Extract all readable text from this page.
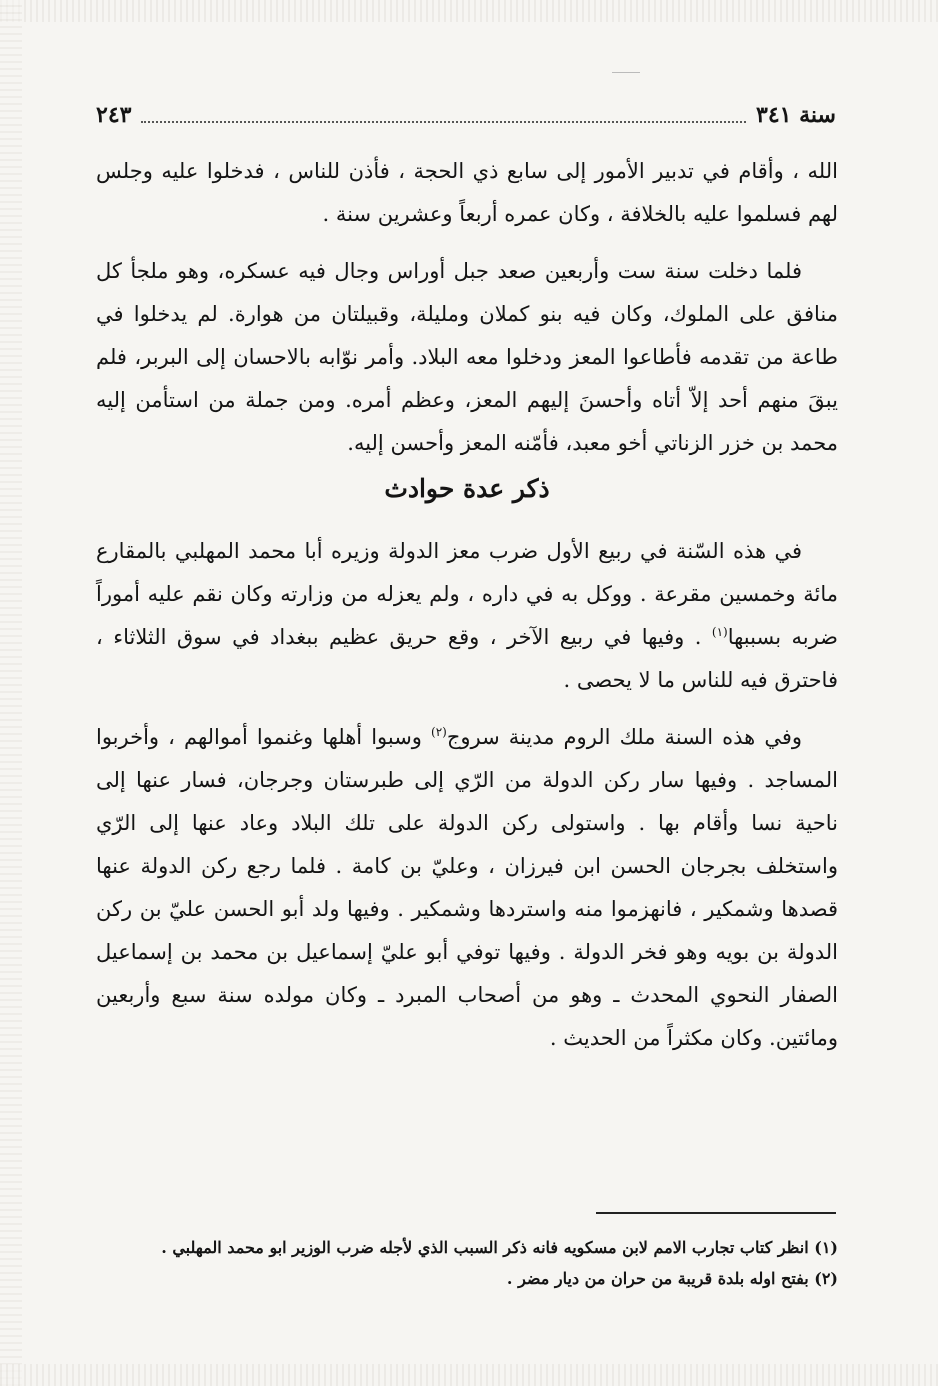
سنة ٣٤١
٢٤٣

الله ، وأقام في تدبير الأمور إلى سابع ذي الحجة ، فأذن للناس ، فدخلوا عليه وجلس لهم فسلموا عليه بالخلافة ، وكان عمره أربعاً وعشرين سنة .

فلما دخلت سنة ست وأربعين صعد جبل أوراس وجال فيه عسكره، وهو ملجأ كل منافق على الملوك، وكان فيه بنو كملان ومليلة، وقبيلتان من هوارة. لم يدخلوا في طاعة من تقدمه فأطاعوا المعز ودخلوا معه البلاد. وأمر نوّابه بالاحسان إلى البربر، فلم يبقَ منهم أحد إلاّ أتاه وأحسنَ إليهم المعز، وعظم أمره. ومن جملة من استأمن إليه محمد بن خزر الزناتي أخو معبد، فأمّنه المعز وأحسن إليه.

ذكر عدة حوادث

في هذه السّنة في ربيع الأول ضرب معز الدولة وزيره أبا محمد المهلبي بالمقارع مائة وخمسين مقرعة . ووكل به في داره ، ولم يعزله من وزارته وكان نقم عليه أموراً ضربه بسببها$^{(١)}$ . وفيها في ربيع الآخر ، وقع حريق عظيم ببغداد في سوق الثلاثاء ، فاحترق فيه للناس ما لا يحصى .

وفي هذه السنة ملك الروم مدينة سروج$^{(٢)}$ وسبوا أهلها وغنموا أموالهم ، وأخربوا المساجد . وفيها سار ركن الدولة من الرّي إلى طبرستان وجرجان، فسار عنها إلى ناحية نسا وأقام بها . واستولى ركن الدولة على تلك البلاد وعاد عنها إلى الرّي واستخلف بجرجان الحسن ابن فيرزان ، وعليّ بن كامة . فلما رجع ركن الدولة عنها قصدها وشمكير ، فانهزموا منه واستردها وشمكير . وفيها ولد أبو الحسن عليّ بن ركن الدولة بن بويه وهو فخر الدولة . وفيها توفي أبو عليّ إسماعيل بن محمد بن إسماعيل الصفار النحوي المحدث ـ وهو من أصحاب المبرد ـ وكان مولده سنة سبع وأربعين ومائتين. وكان مكثراً من الحديث .

(١) انظر كتاب تجارب الامم لابن مسكويه فانه ذكر السبب الذي لأجله ضرب الوزير ابو محمد المهلبي .
(٢) بفتح اوله بلدة قريبة من حران من ديار مضر .
